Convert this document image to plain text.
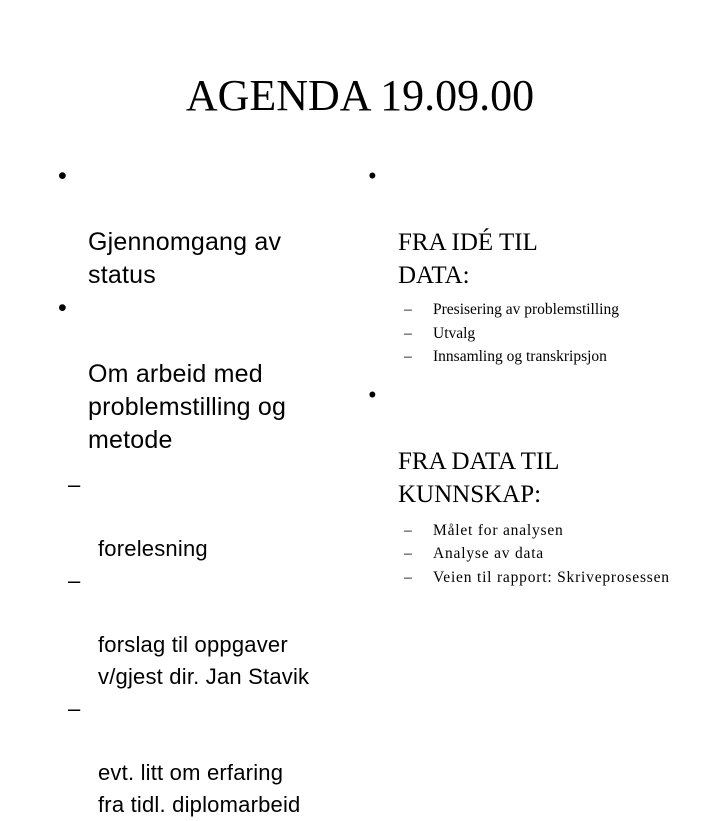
AGENDA 19.09.00

•

Gjennomgang av
status

•

Om arbeid med
problemstilling og
metode

–

forelesning

–

forslag til oppgaver
v/gjest dir. Jan Stavik

–

evt. litt om erfaring
fra tidl. diplomarbeid

•

FRA IDÉ TIL
DATA:

– Presisering av problemstilling
– Utvalg
– Innsamling og transkripsjon

•

FRA DATA TIL
KUNNSKAP:

– Målet for analysen
– Analyse av data
– Veien til rapport: Skriveprosessen
